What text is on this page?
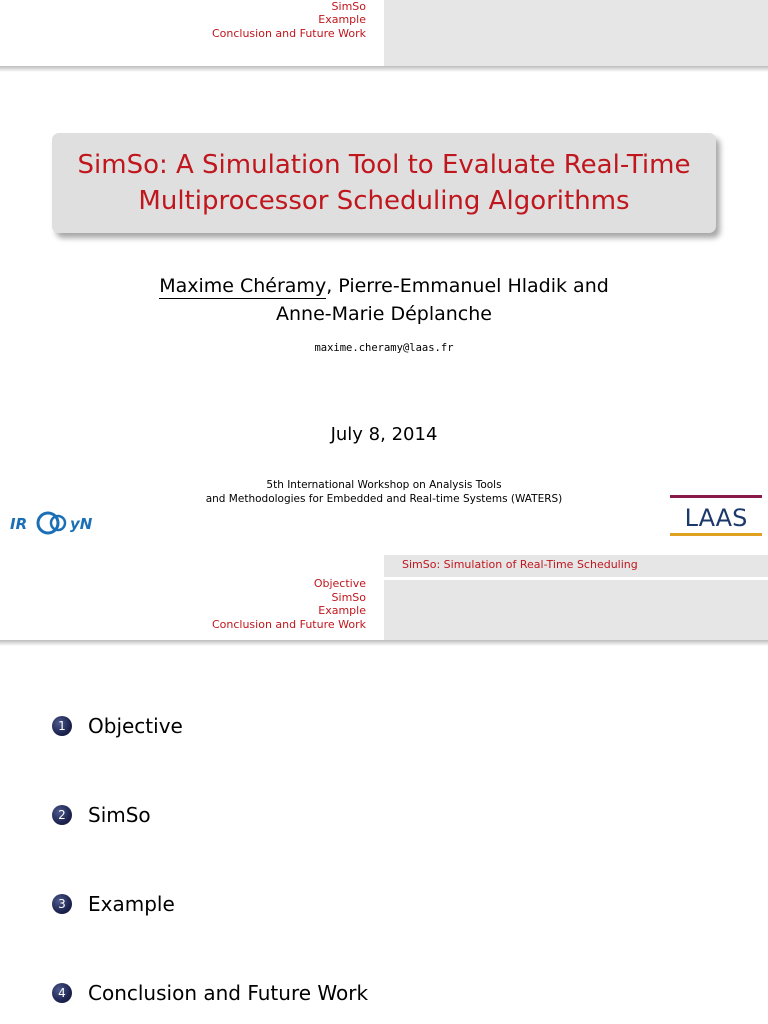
SimSo
Example
Conclusion and Future Work
SimSo: A Simulation Tool to Evaluate Real-Time
Multiprocessor Scheduling Algorithms
Maxime Chéramy, Pierre-Emmanuel Hladik and
Anne-Marie Déplanche
maxime.cheramy@laas.fr
July 8, 2014
5th International Workshop on Analysis Tools
and Methodologies for Embedded and Real-time Systems (WATERS)
IR	yN	LAAS
SimSo: Simulation of Real-Time Scheduling
Objective
SimSo
Example
Conclusion and Future Work
1	Objective
2	SimSo
3	Example
4	Conclusion and Future Work
